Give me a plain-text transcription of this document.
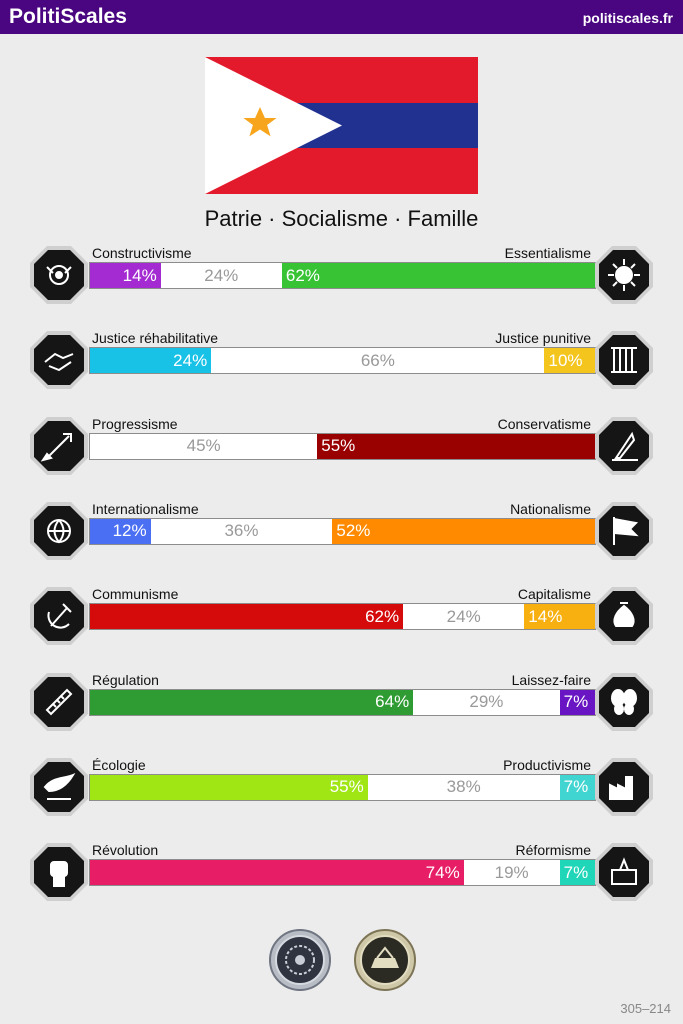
PolitiScales	politiscales.fr
Patrie · Socialisme · Famille
Constructivisme	Essentialisme
14%	24%	62%
Justice réhabilitative	Justice punitive
24%	66%	10%
Progressisme	Conservatisme
45%	55%
Internationalisme	Nationalisme
12%	36%	52%
Communisme	Capitalisme
62%	24%	14%
Régulation	Laissez-faire
64%	29%	7%
Écologie	Productivisme
55%	38%	7%
Révolution	Réformisme
74%	19%	7%
305–214
